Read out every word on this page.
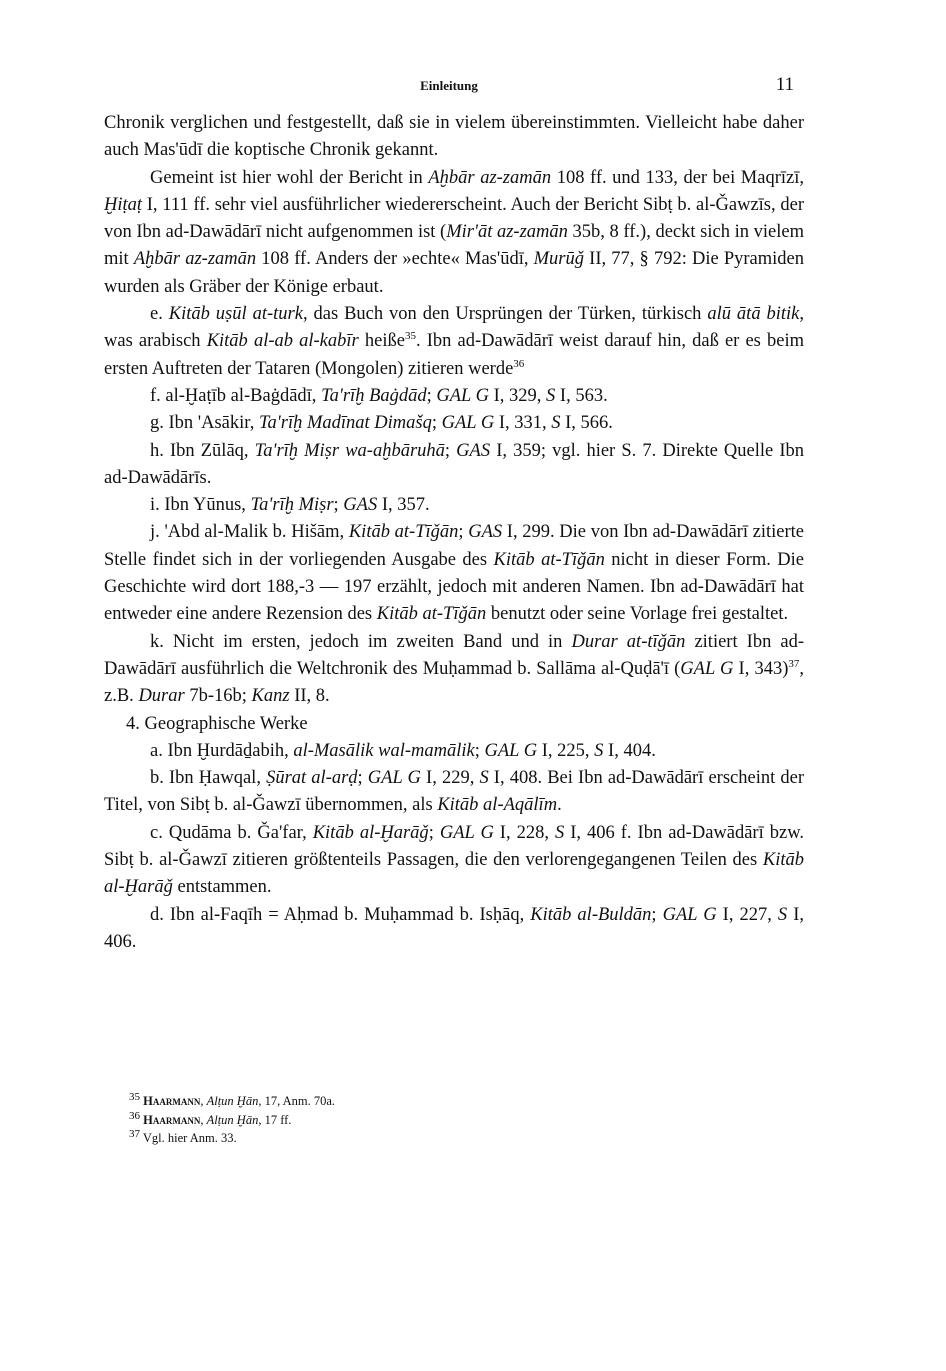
Einleitung	11

Chronik verglichen und festgestellt, daß sie in vielem übereinstimmten. Vielleicht habe daher auch Mas'ūdī die koptische Chronik gekannt.

Gemeint ist hier wohl der Bericht in Aḫbār az-zamān 108 ff. und 133, der bei Maqrīzī, Ḫiṭaṭ I, 111 ff. sehr viel ausführlicher wiedererscheint. Auch der Bericht Sibṭ b. al-Ǧawzīs, der von Ibn ad-Dawādārī nicht aufgenommen ist (Mir'āt az-zamān 35b, 8 ff.), deckt sich in vielem mit Aḫbār az-zamān 108 ff. Anders der »echte« Mas'ūdī, Murūǧ II, 77, § 792: Die Pyramiden wurden als Gräber der Könige erbaut.

e. Kitāb uṣūl at-turk, das Buch von den Ursprüngen der Türken, türkisch alū ātā bitik, was arabisch Kitāb al-ab al-kabīr heiße$^{35}$. Ibn ad-Dawādārī weist darauf hin, daß er es beim ersten Auftreten der Tataren (Mongolen) zitieren werde$^{36}$

f. al-Ḫaṭīb al-Baġdādī, Ta'rīḫ Baġdād; GAL G I, 329, S I, 563.

g. Ibn 'Asākir, Ta'rīḫ Madīnat Dimašq; GAL G I, 331, S I, 566.

h. Ibn Zūlāq, Ta'rīḫ Miṣr wa-aḫbāruhā; GAS I, 359; vgl. hier S. 7. Direkte Quelle Ibn ad-Dawādārīs.

i. Ibn Yūnus, Ta'rīḫ Miṣr; GAS I, 357.

j. 'Abd al-Malik b. Hišām, Kitāb at-Tīǧān; GAS I, 299. Die von Ibn ad-Dawādārī zitierte Stelle findet sich in der vorliegenden Ausgabe des Kitāb at-Tīǧān nicht in dieser Form. Die Geschichte wird dort 188,-3 — 197 erzählt, jedoch mit anderen Namen. Ibn ad-Dawādārī hat entweder eine andere Rezension des Kitāb at-Tīǧān benutzt oder seine Vorlage frei gestaltet.

k. Nicht im ersten, jedoch im zweiten Band und in Durar at-tīǧān zitiert Ibn ad-Dawādārī ausführlich die Weltchronik des Muḥammad b. Sallāma al-Quḍā'ī (GAL G I, 343)$^{37}$, z.B. Durar 7b-16b; Kanz II, 8.

4. Geographische Werke

a. Ibn Ḫurdāḏabih, al-Masālik wal-mamālik; GAL G I, 225, S I, 404.

b. Ibn Ḥawqal, Ṣūrat al-arḍ; GAL G I, 229, S I, 408. Bei Ibn ad-Dawādārī erscheint der Titel, von Sibṭ b. al-Ǧawzī übernommen, als Kitāb al-Aqālīm.

c. Qudāma b. Ǧa'far, Kitāb al-Ḫarāǧ; GAL G I, 228, S I, 406 f. Ibn ad-Dawādārī bzw. Sibṭ b. al-Ǧawzī zitieren größtenteils Passagen, die den verlorengegangenen Teilen des Kitāb al-Ḫarāǧ entstammen.

d. Ibn al-Faqīh = Aḥmad b. Muḥammad b. Isḥāq, Kitāb al-Buldān; GAL G I, 227, S I, 406.

$^{35}$ Haarmann, Alṭun Ḫān, 17, Anm. 70a.

$^{36}$ Haarmann, Alṭun Ḫān, 17 ff.

$^{37}$ Vgl. hier Anm. 33.
